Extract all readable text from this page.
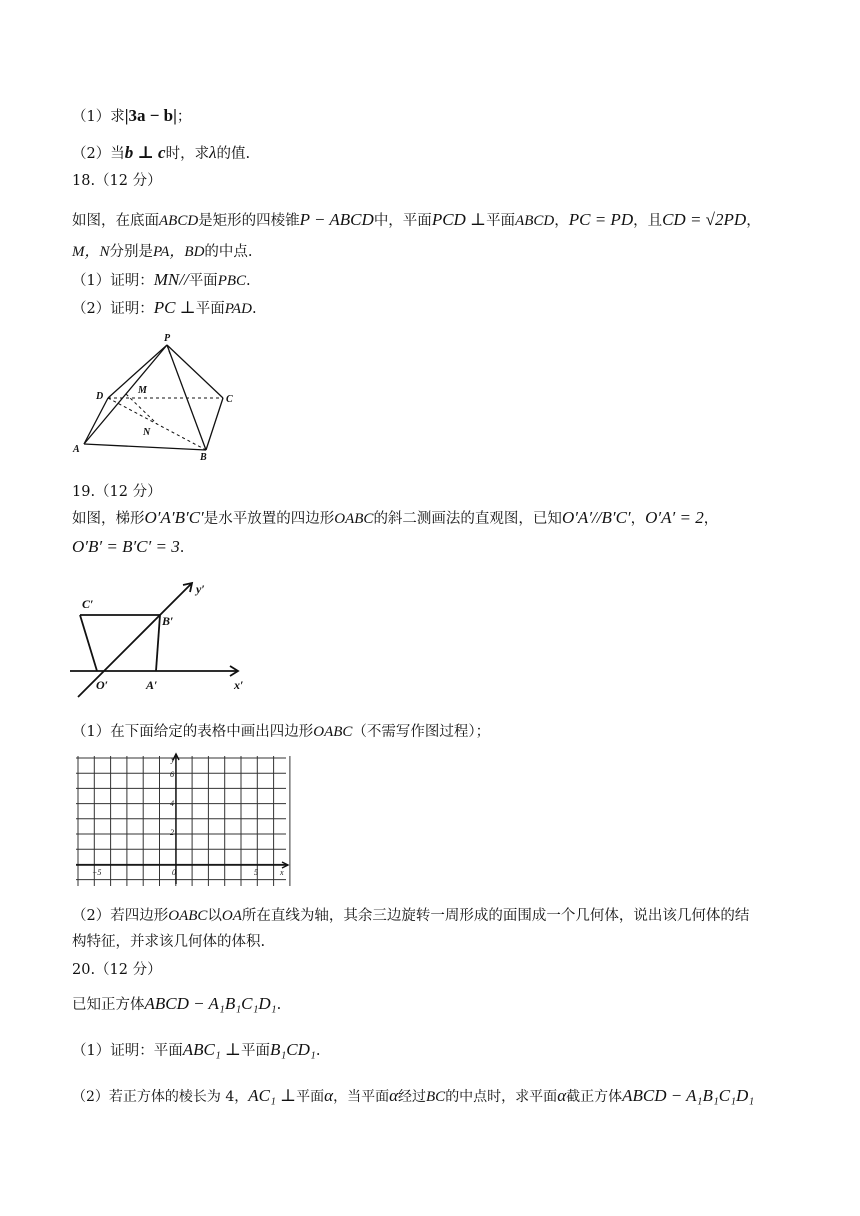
（1）求|3a − b|；
（2）当b ⊥ c时，求λ的值.
18.（12 分）
如图，在底面ABCD是矩形的四棱锥P − ABCD中，平面PCD ⊥平面ABCD，PC = PD，且CD = √2PD，
M，N分别是PA，BD的中点.
（1）证明：MN//平面PBC.
（2）证明：PC ⊥平面PAD.
P
D
M
C
N
A
B
19.（12 分）
如图，梯形O′A′B′C′是水平放置的四边形OABC的斜二测画法的直观图，已知O′A′//B′C′，O′A′ = 2，
O′B′ = B′C′ = 3.
C′
B′
O′	A′	x′
y′
（1）在下面给定的表格中画出四边形OABC（不需写作图过程）；
y
6
4
2
−5	0	5	x
（2）若四边形OABC以OA所在直线为轴，其余三边旋转一周形成的面围成一个几何体，说出该几何体的结
构特征，并求该几何体的体积.
20.（12 分）
已知正方体ABCD − A₁B₁C₁D₁.
（1）证明：平面ABC₁ ⊥平面B₁CD₁.
（2）若正方体的棱长为 4，AC₁ ⊥平面α，当平面α经过BC的中点时，求平面α截正方体ABCD − A₁B₁C₁D₁
